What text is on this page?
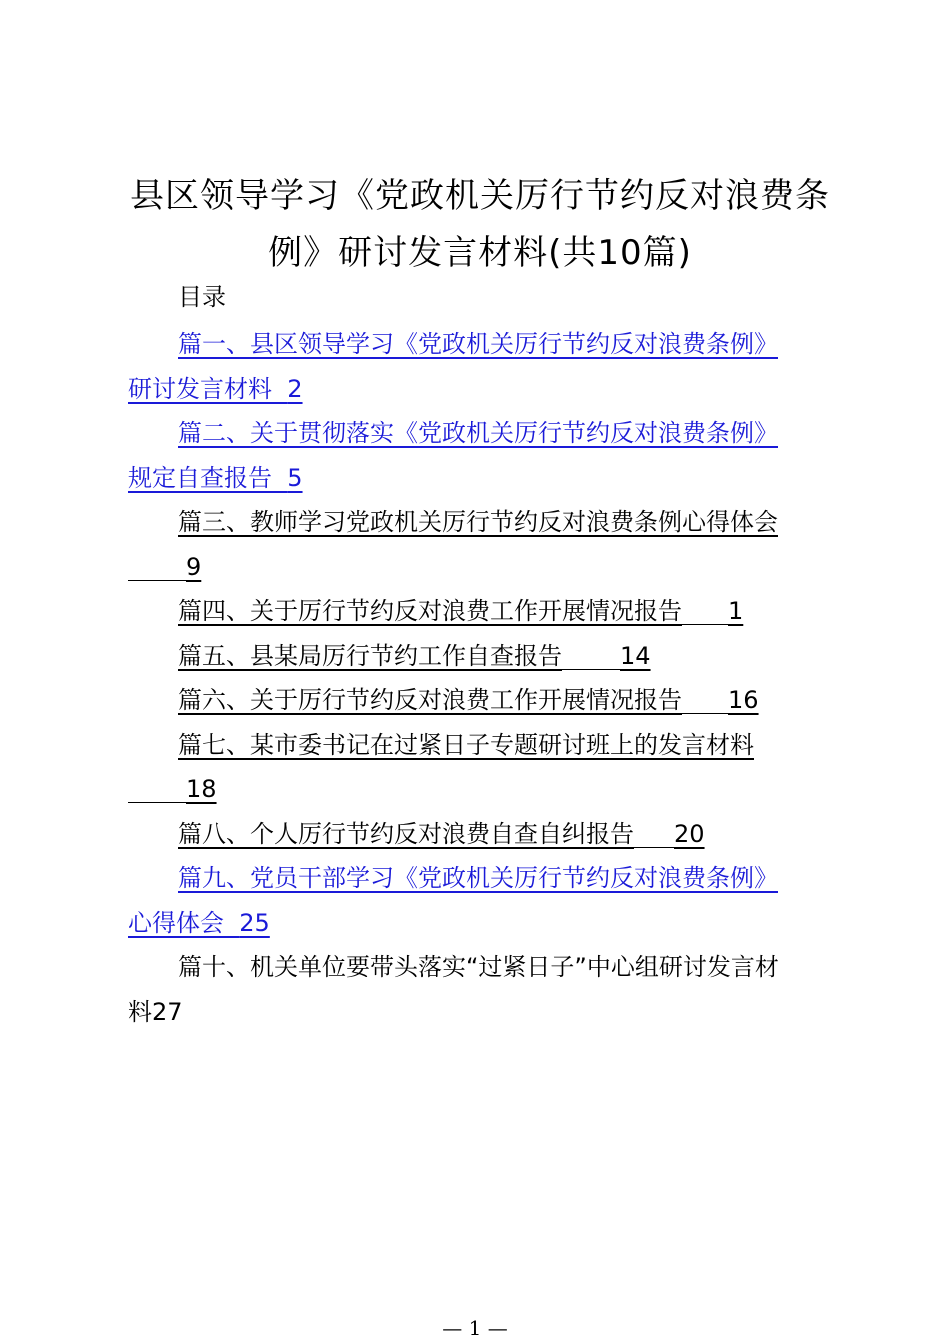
县区领导学习《党政机关厉行节约反对浪费条
例》研讨发言材料(共10篇)
目录
篇一、县区领导学习《党政机关厉行节约反对浪费条例》
研讨发言材料 2
篇二、关于贯彻落实《党政机关厉行节约反对浪费条例》
规定自查报告 5
篇三、教师学习党政机关厉行节约反对浪费条例心得体会
9
篇四、关于厉行节约反对浪费工作开展情况报告 1
篇五、县某局厉行节约工作自查报告 14
篇六、关于厉行节约反对浪费工作开展情况报告 16
篇七、某市委书记在过紧日子专题研讨班上的发言材料
18
篇八、个人厉行节约反对浪费自查自纠报告 20
篇九、党员干部学习《党政机关厉行节约反对浪费条例》
心得体会 25
篇十、机关单位要带头落实“过紧日子”中心组研讨发言材
料27
— 1 —
